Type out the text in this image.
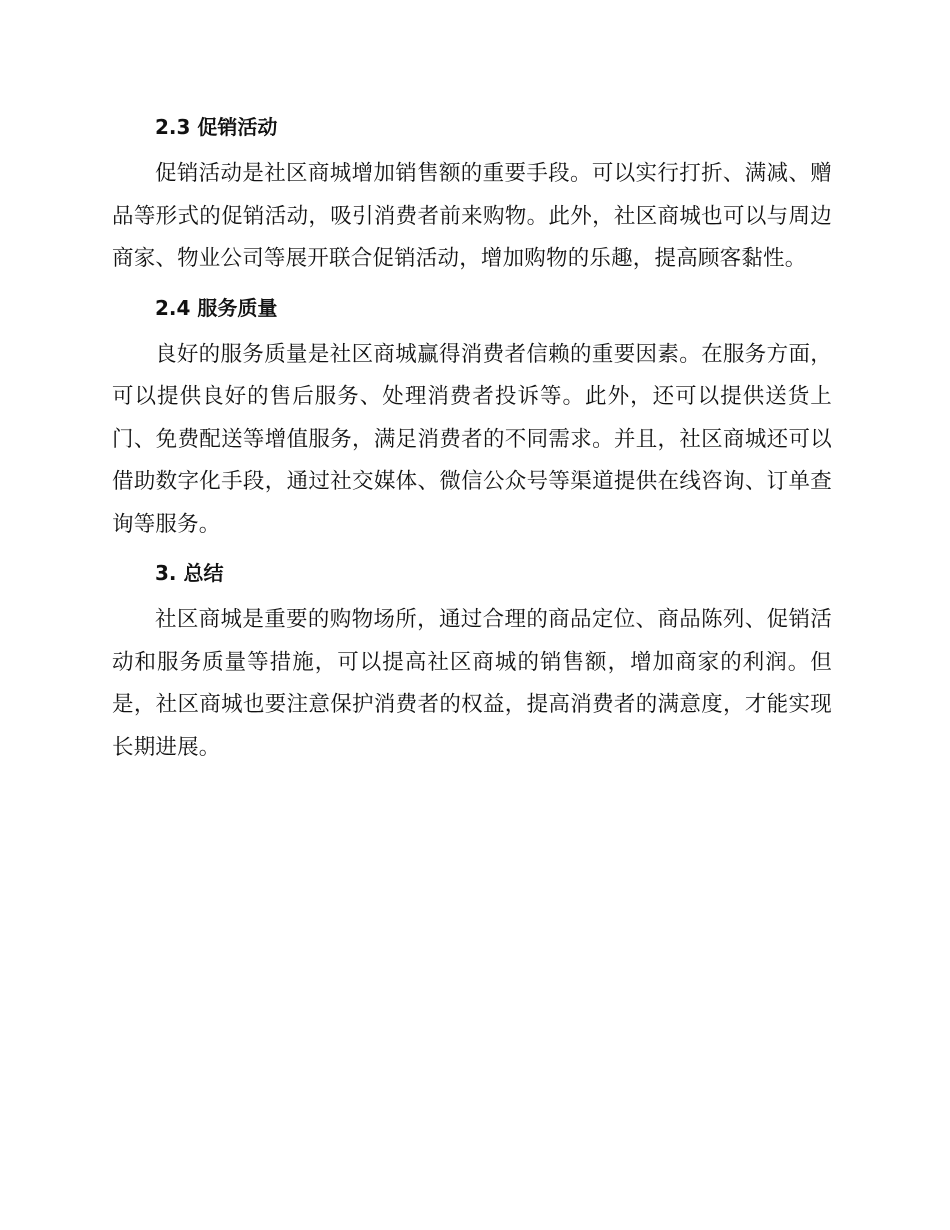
2.3 促销活动

促销活动是社区商城增加销售额的重要手段。可以实行打折、满减、赠品等形式的促销活动，吸引消费者前来购物。此外，社区商城也可以与周边商家、物业公司等展开联合促销活动，增加购物的乐趣，提高顾客黏性。

2.4 服务质量

良好的服务质量是社区商城赢得消费者信赖的重要因素。在服务方面，可以提供良好的售后服务、处理消费者投诉等。此外，还可以提供送货上门、免费配送等增值服务，满足消费者的不同需求。并且，社区商城还可以借助数字化手段，通过社交媒体、微信公众号等渠道提供在线咨询、订单查询等服务。

3. 总结

社区商城是重要的购物场所，通过合理的商品定位、商品陈列、促销活动和服务质量等措施，可以提高社区商城的销售额，增加商家的利润。但是，社区商城也要注意保护消费者的权益，提高消费者的满意度，才能实现长期进展。
